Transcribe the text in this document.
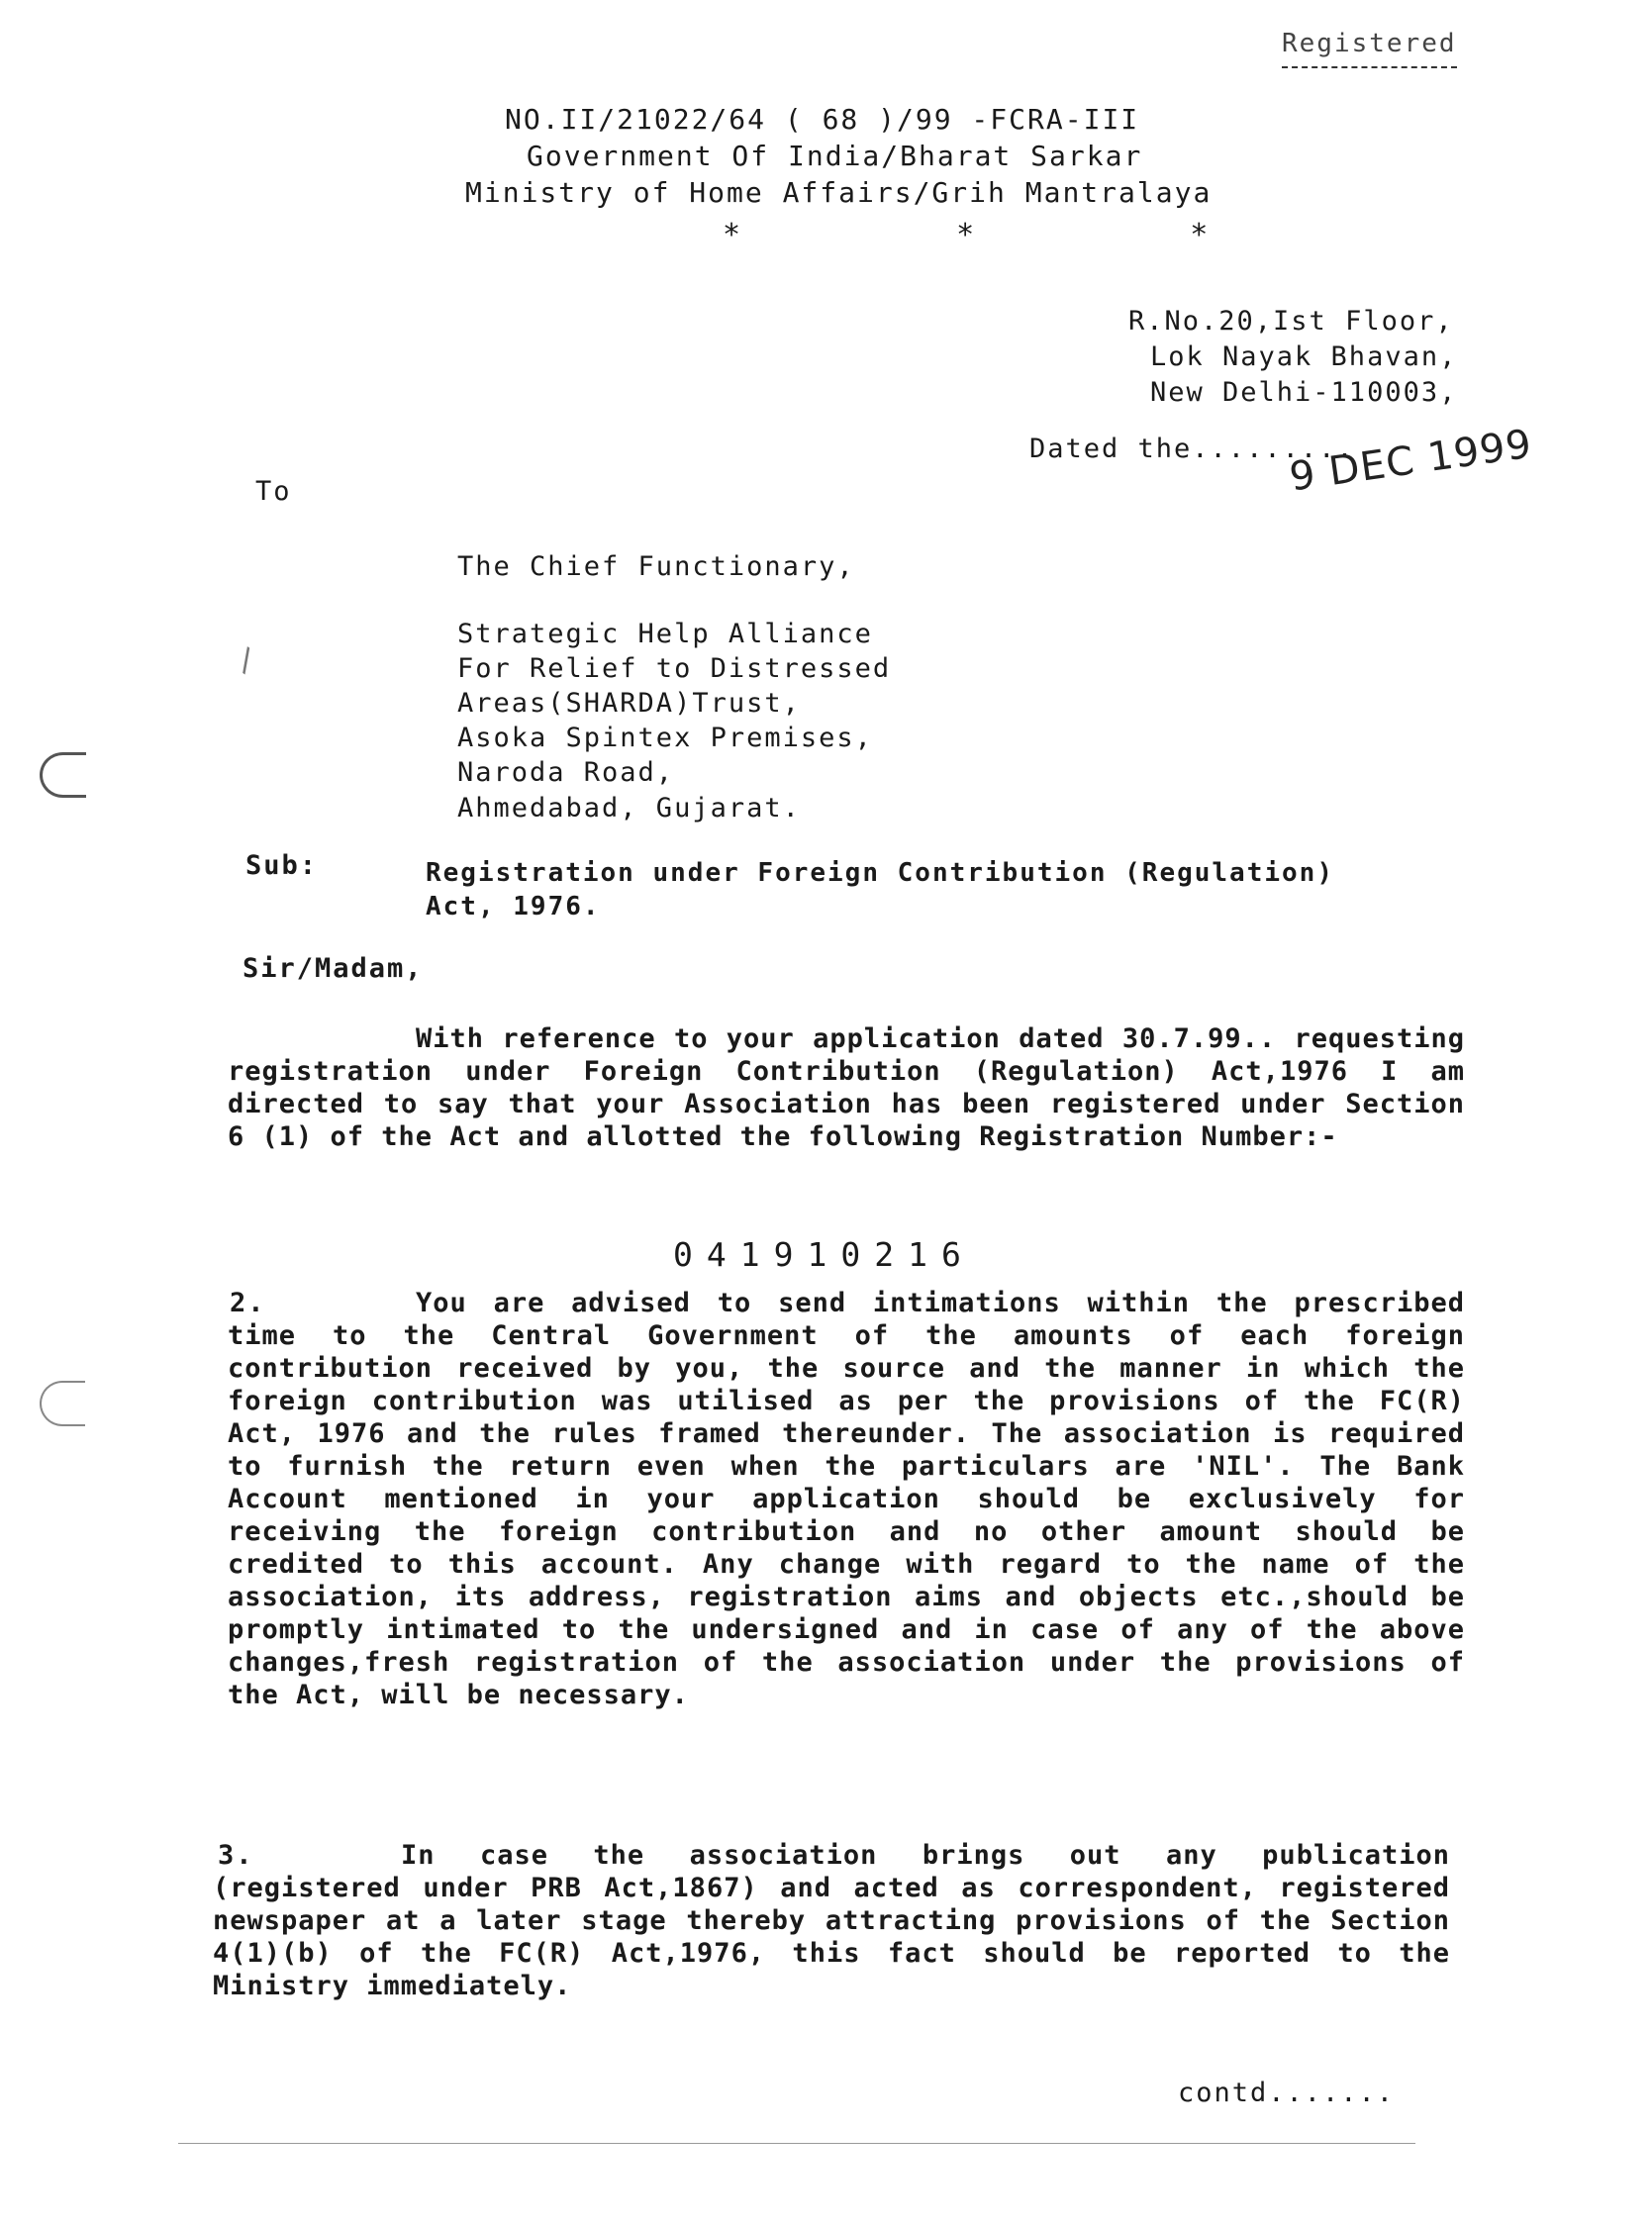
Registered
NO.II/21022/64 ( 68 )/99 -FCRA-III
Government Of India/Bharat Sarkar
Ministry of Home Affairs/Grih Mantralaya
* * *
R.No.20,Ist Floor,
Lok Nayak Bhavan,
New Delhi-110003,
Dated the.........
9 DEC 1999
To
The Chief Functionary,
Strategic Help Alliance
For Relief to Distressed
Areas(SHARDA)Trust,
Asoka Spintex Premises,
Naroda Road,
Ahmedabad, Gujarat.
Sub:	Registration under Foreign Contribution (Regulation)
Act, 1976.
Sir/Madam,

With reference to your application dated 30.7.99.. requesting registration under Foreign Contribution (Regulation) Act,1976 I am directed to say that your Association has been registered under Section 6 (1) of the Act and allotted the following Registration Number:-

041910216
2.	You are advised to send intimations within the prescribed time to the Central Government of the amounts of each foreign contribution received by you, the source and the manner in which the foreign contribution was utilised as per the provisions of the FC(R) Act, 1976 and the rules framed thereunder. The association is required to furnish the return even when the particulars are 'NIL'. The Bank Account mentioned in your application should be exclusively for receiving the foreign contribution and no other amount should be credited to this account. Any change with regard to the name of the association, its address, registration aims and objects etc.,should be promptly intimated to the undersigned and in case of any of the above changes,fresh registration of the association under the provisions of the Act, will be necessary.

3.	In case the association brings out any publication (registered under PRB Act,1867) and acted as correspondent, registered newspaper at a later stage thereby attracting provisions of the Section 4(1)(b) of the FC(R) Act,1976, this fact should be reported to the Ministry immediately.

contd.......
\
